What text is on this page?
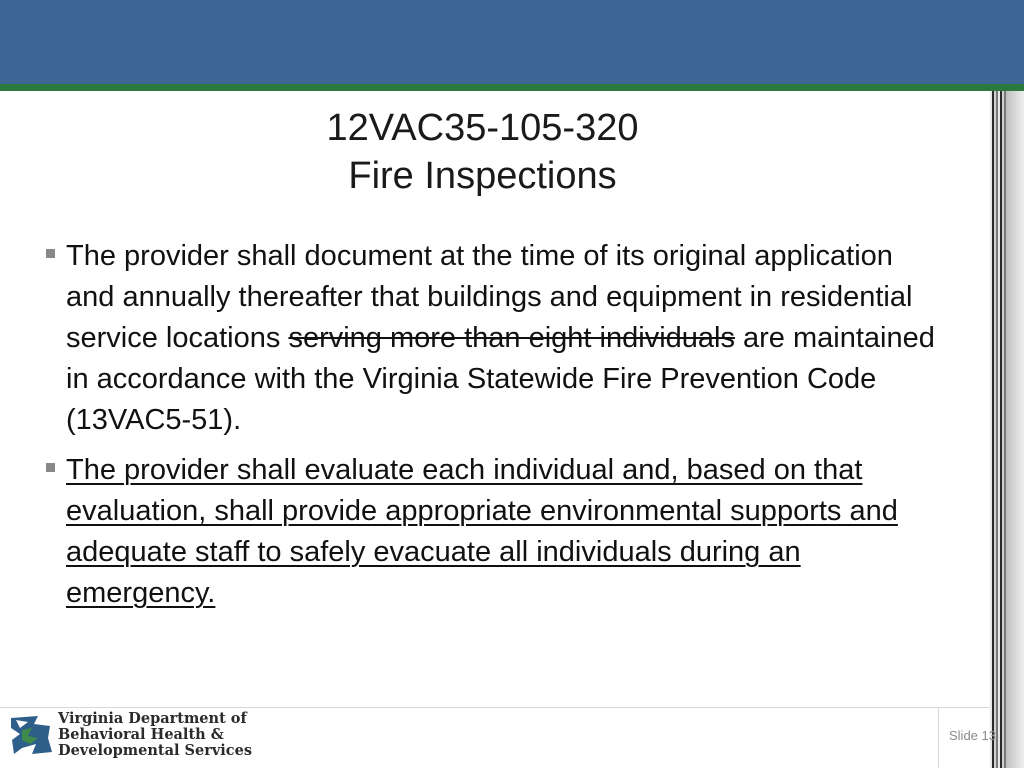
12VAC35-105-320
Fire Inspections
The provider shall document at the time of its original application and annually thereafter that buildings and equipment in residential service locations serving more than eight individuals are maintained in accordance with the Virginia Statewide Fire Prevention Code (13VAC5-51).
The provider shall evaluate each individual and, based on that evaluation, shall provide appropriate environmental supports and adequate staff to safely evacuate all individuals during an emergency.
Virginia Department of
Behavioral Health &
Developmental Services
Slide 13
